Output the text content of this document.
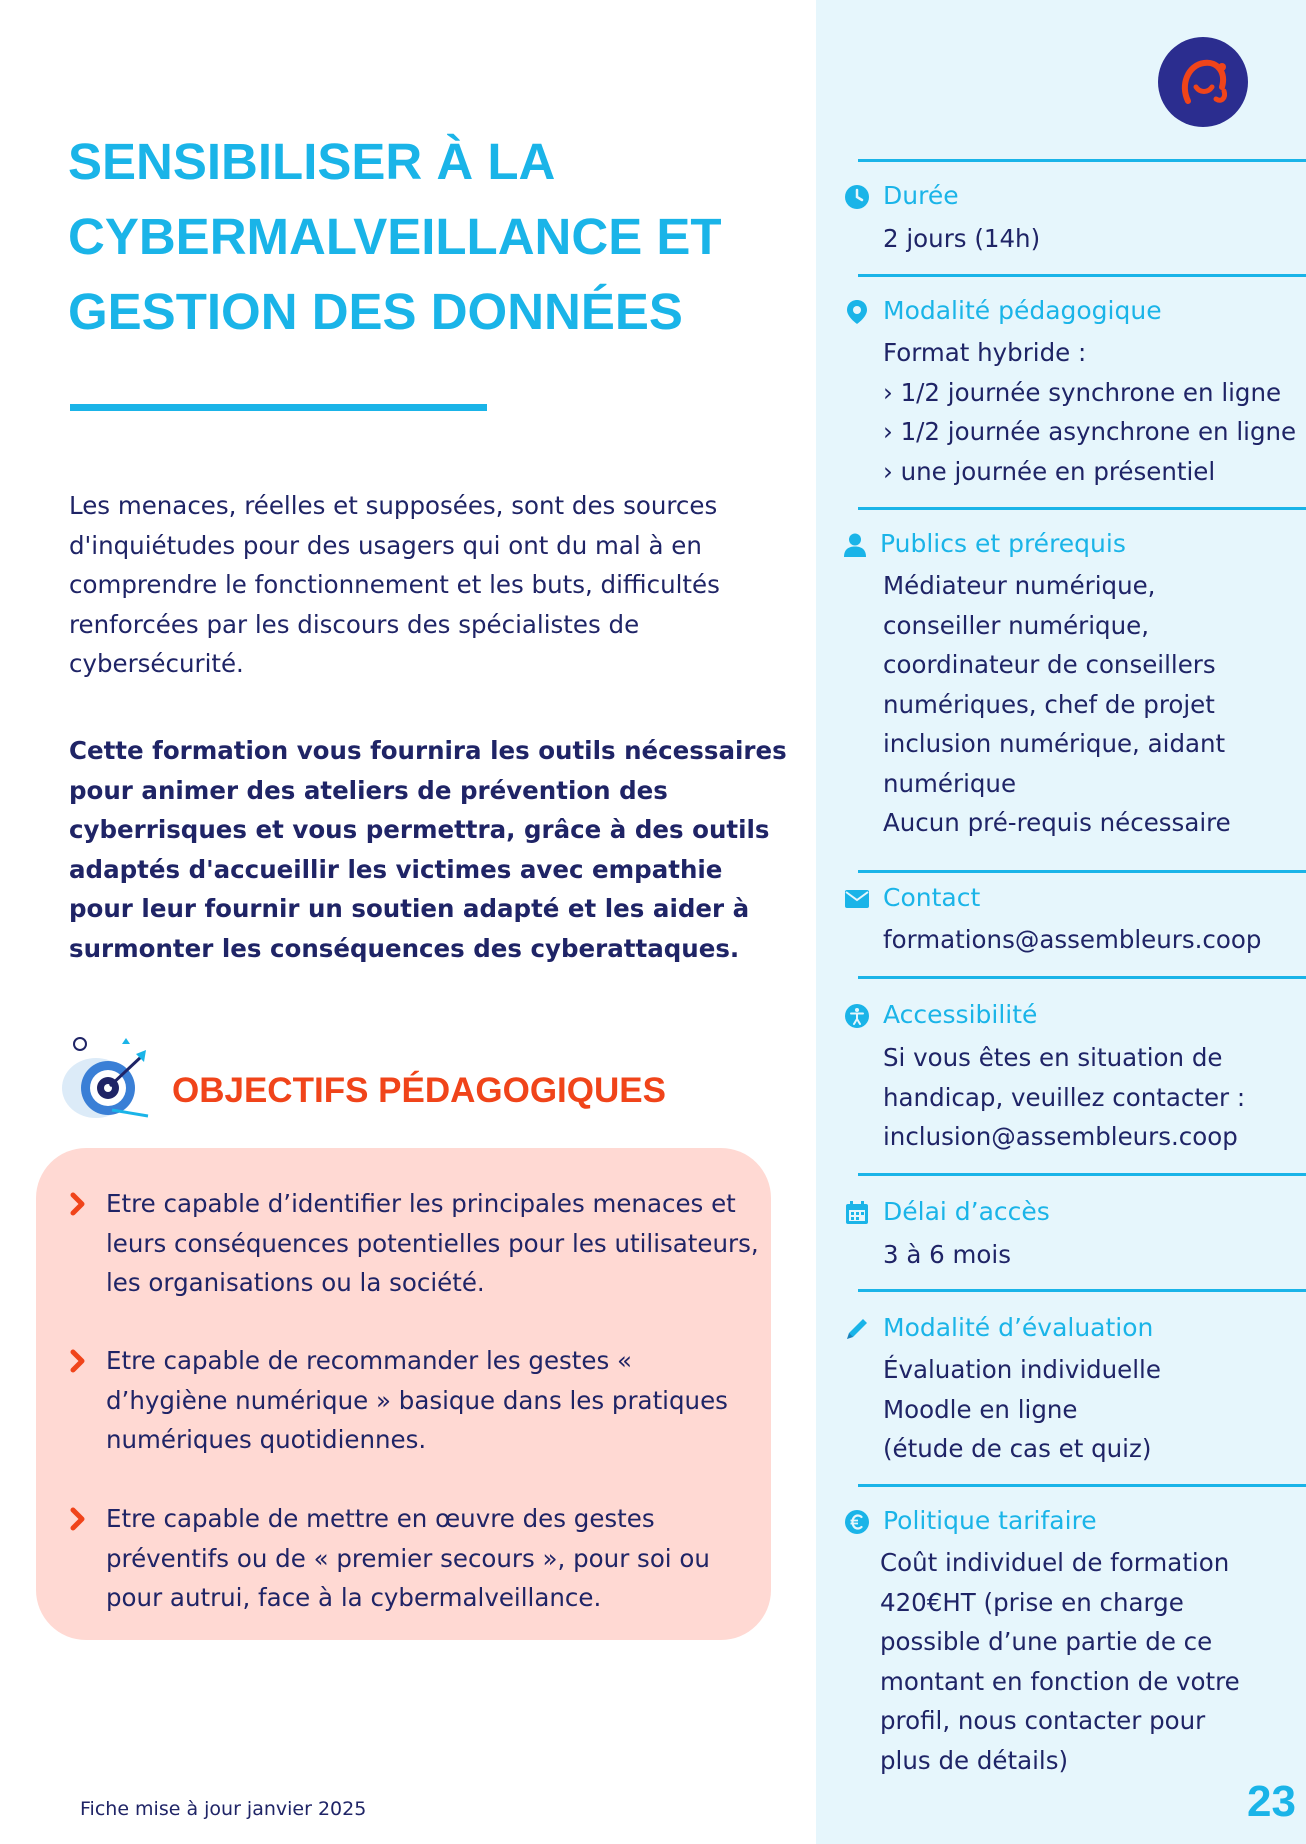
SENSIBILISER À LA
CYBERMALVEILLANCE ET
GESTION DES DONNÉES

Les menaces, réelles et supposées, sont des sources d'inquiétudes pour des usagers qui ont du mal à en comprendre le fonctionnement et les buts, difficultés renforcées par les discours des spécialistes de cybersécurité.

Cette formation vous fournira les outils nécessaires pour animer des ateliers de prévention des cyberrisques et vous permettra, grâce à des outils adaptés d'accueillir les victimes avec empathie pour leur fournir un soutien adapté et les aider à surmonter les conséquences des cyberattaques.

OBJECTIFS PÉDAGOGIQUES
Etre capable d’identifier les principales menaces et leurs conséquences potentielles pour les utilisateurs, les organisations ou la société.
Etre capable de recommander les gestes « d’hygiène numérique » basique dans les pratiques numériques quotidiennes.
Etre capable de mettre en œuvre des gestes préventifs ou de « premier secours », pour soi ou pour autrui, face à la cybermalveillance.
Durée
2 jours (14h)
Modalité pédagogique
Format hybride :
› 1/2 journée synchrone en ligne
› 1/2 journée asynchrone en ligne
› une journée en présentiel
Publics et prérequis
Médiateur numérique,
conseiller numérique,
coordinateur de conseillers
numériques, chef de projet
inclusion numérique, aidant
numérique
Aucun pré-requis nécessaire
Contact
formations@assembleurs.coop
Accessibilité
Si vous êtes en situation de
handicap, veuillez contacter :
inclusion@assembleurs.coop
Délai d’accès
3 à 6 mois
Modalité d’évaluation
Évaluation individuelle
Moodle en ligne
(étude de cas et quiz)
Politique tarifaire
Coût individuel de formation
420€HT (prise en charge
possible d’une partie de ce
montant en fonction de votre
profil, nous contacter pour
plus de détails)

Fiche mise à jour janvier 2025	23
